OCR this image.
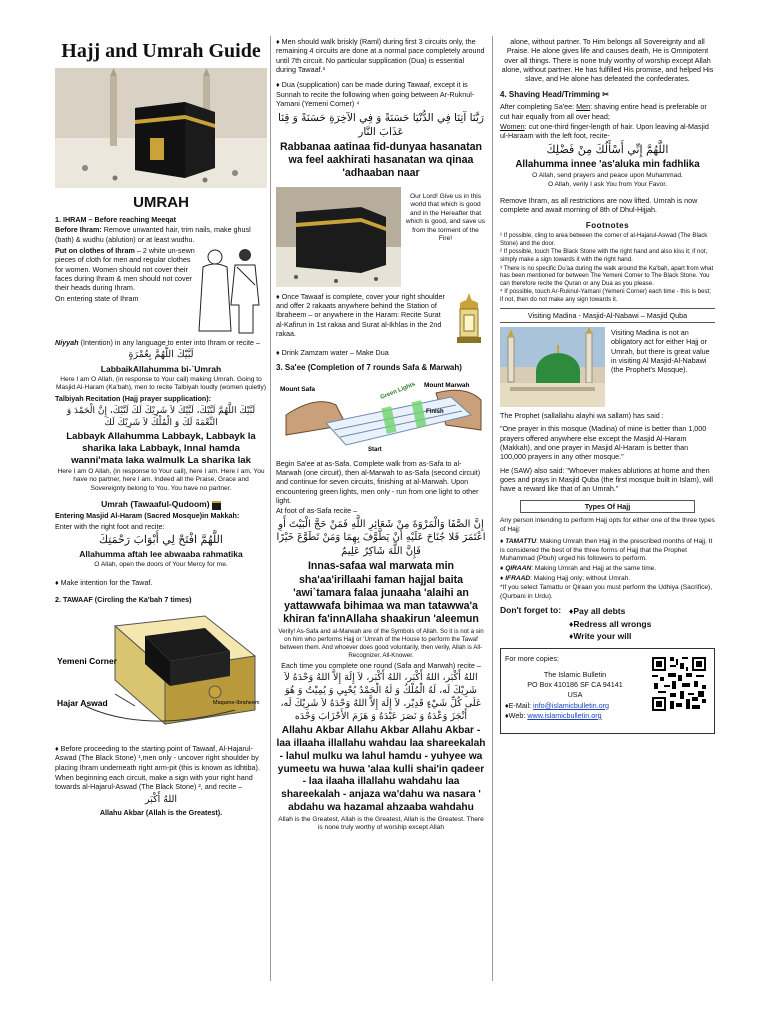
Hajj and Umrah Guide
UMRAH

1. IHRAM – Before reaching Meeqat

Before Ihram: Remove unwanted hair, trim nails, make ghusl (bath) & wudhu (ablution) or at least wudhu.

Put on clothes of Ihram – 2 white un-sewn pieces of cloth for men and regular clothes for women. Women should not cover their faces during Ihram & men should not cover their heads during Ihram.

On entering state of Ihram

Niyyah (Intention) in any language to enter into Ihram or recite –

لَبَّيْكَ اللَّهُمَّ بِعُمْرَةٍ
LabbaikAllahumma bi-`Umrah

Here I am O Allah, (in response to Your call) making Umrah. Going to Masjid Al-Haram (Ka'bah), men to recite Talbiyah loudly (women quietly)

Talbiyah Recitation (Hajj prayer supplication):

لَبَّيْكَ اللَّهُمَّ لَبَّيْكَ، لَبَّيْكَ لاَ شَرِيْكَ لَكَ لَبَّيْكَ، إِنَّ الْحَمْدَ وَ النِّعْمَةَ لَكَ وَ الْمُلْكَ لاَ شَرِيْكَ لَكَ
Labbayk Allahumma Labbayk, Labbayk la sharika laka Labbayk, Innal hamda wanni'mata laka walmulk La sharika lak

Here I am O Allah, (in response to Your call), here I am. Here I am, You have no partner, here I am. Indeed all the Praise, Grace and Sovereignty belong to You. You have no partner.

Umrah (Tawaaful-Qudoom)

Entering Masjid Al-Haram (Sacred Mosque)in Makkah:

Enter with the right foot and recite:

اللَّهُمَّ افْتَحْ لِي أَبْوَابَ رَحْمَتِكَ
Allahumma aftah lee abwaaba rahmatika

O Allah, open the doors of Your Mercy for me.

♦ Make intention for the Tawaf.

2. TAWAAF (Circling the Ka'bah 7 times)

Yemeni Corner
Hajar Aswad	Maqame-Ibraheem

♦ Before proceeding to the starting point of Tawaaf, Al-Hajarul-Aswad (The Black Stone) ¹,men only - uncover right shoulder by placing Ihram underneath right arm-pit (this is known as Idhtiba).

When beginning each circuit, make a sign with your right hand towards al-Hajarul-Aswad (The Black Stone) ², and recite –

اللهُ أَكْبَر

Allahu Akbar (Allah is the Greatest).

♦ Men should walk briskly (Raml) during first 3 circuits only, the remaining 4 circuits are done at a normal pace completely around until 7th circuit. No particular supplication (Dua) is essential during Tawaaf.³

♦ Dua (supplication) can be made during Tawaaf, except it is Sunnah to recite the following when going between Ar-Ruknul-Yamani (Yemeni Corner) ⁴

رَبَّنَا آتِنَا فِي الدُّنْيَا حَسَنَةً وَ فِي الآخِرَةِ حَسَنَةً وَ قِنَا عَذَابَ النَّار
Rabbanaa aatinaa fid-dunyaa hasanatan wa feel aakhirati hasanatan wa qinaa 'adhaaban naar

Our Lord! Give us in this world that which is good and in the Hereafter that which is good, and save us from the torment of the Fire!

♦ Once Tawaaf is complete, cover your right shoulder and offer 2 rakaats anywhere behind the Station of Ibraheem – or anywhere in the Haram: Recite Surat al-Kafirun in 1st rakaa and Surat al-Ikhlas in the 2nd rakaa.

♦ Drink Zamzam water – Make Dua

3. Sa'ee (Completion of 7 rounds Safa & Marwah)

Mount Safa
Mount Marwah
Green Lights
Finish
Start

Begin Sa'ee at as-Safa. Complete walk from as-Safa to al-Marwah (one circuit), then al-Marwah to as-Safa (second circuit) and continue for seven circuits, finishing at al-Marwah. Upon encountering green lights, men only - run from one light to other light.

At foot of as-Safa recite –

إِنَّ الصَّفَا وَالْمَرْوَةَ مِنْ شَعَائِرِ اللَّهِ فَمَنْ حَجَّ الْبَيْتَ أَوِ اعْتَمَرَ فَلا جُنَاحَ عَلَيْهِ أَنْ يَطَّوَّفَ بِهِمَا وَمَنْ تَطَوَّعَ خَيْرًا فَإِنَّ اللَّهَ شَاكِرٌ عَلِيمٌ
Innas-safaa wal marwata min sha'aa'irillaahi faman hajjal baita 'awi`tamara falaa junaaha 'alaihi an yattawwafa bihimaa wa man tatawwa'a khiran fa'innAllaha shaakirun 'aleemun

Verily! As-Safa and al-Marwah are of the Symbols of Allah. So it is not a sin on him who performs Hajj or 'Umrah of the House to perform the Tawaf between them. And whoever does good voluntarily, then verily, Allah is All-Recognizer, All-Knower.

Each time you complete one round (Safa and Marwah) recite –

اللهُ أَكْبَر، اللهُ أَكْبَر، اللهُ أَكْبَر، لاَ إِلَهَ إِلاَّ اللهُ وَحْدَهُ لاَ شَرِيْكَ لَه، لَهُ الْمُلْكُ وَ لَهُ الْحَمْدُ يُحْيِي وَ يُمِيْتُ وَ هُوَ عَلَى كُلِّ شَيْءٍ قَدِيْر، لاَ إِلَهَ إِلاَّ اللهُ وَحْدَهُ لاَ شَرِيْكَ لَه، أَنْجَزَ وَعْدَهُ وَ نَصَرَ عَبْدَهُ وَ هَزَمَ الأَحْزَابَ وَحْدَه
Allahu Akbar Allahu Akbar Allahu Akbar - laa illaaha illallahu wahdau laa shareekalah - lahul mulku wa lahul hamdu - yuhyee wa yumeetu wa huwa 'alaa kulli shai'in qadeer - laa ilaaha illallahu wahdahu laa shareekalah - anjaza wa'dahu wa nasara ' abdahu wa hazamal ahzaaba wahdahu

Allah is the Greatest, Allah is the Greatest, Allah is the Greatest. There is none truly worthy of worship except Allah

alone, without partner. To Him belongs all Sovereignty and all Praise. He alone gives life and causes death, He is Omnipotent over all things. There is none truly worthy of worship except Allah alone, without partner. He has fulfilled His promise, and helped His slave, and He alone has defeated the confederates.

4. Shaving Head/Trimming ✂

After completing Sa'ee: Men: shaving entire head is preferable or cut hair equally from all over head;

Women: cut one-third finger-length of hair. Upon leaving al-Masjid ul-Haraam with the left foot, recite-

اللَّهُمَّ إِنِّي أَسْأَلُكَ مِنْ فَضْلِكَ
Allahumma innee 'as'aluka min fadhlika

O Allah, send prayers and peace upon Muhammad.

O Allah, verily I ask You from Your Favor.

Remove Ihram, as all restrictions are now lifted. Umrah is now complete and await morning of 8th of Dhul-Hijjah.

Footnotes

¹ If possible, cling to area between the corner of al-Hajarul-Aswad (The Black Stone) and the door.

² If possible, touch The Black Stone with the right hand and also kiss it; if not, simply make a sign towards it with the right hand.

³ There is no specific Du'aa during the walk around the Ka'bah, apart from what has been mentioned for between The Yemeni Corner to The Black Stone. You can therefore recite the Quran or any Dua as you please.

⁴ If possible, touch Ar-Ruknul-Yamani (Yemeni Corner) each time - this is best; if not, then do not make any sign towards it.

Visiting Madina - Masjid-Al-Nabawi – Masjid Quba

Visiting Madina is not an obligatory act for either Hajj or Umrah, but there is great value in visiting Al Masjid-Al-Nabawi (the Prophet's Mosque).

The Prophet (sallallahu alayhi wa sallam) has said :

"One prayer in this mosque (Madina) of mine is better than 1,000 prayers offered anywhere else except the Masjid Al-Haram (Makkah), and one prayer in Masjid Al-Haram is better than 100,000 prayers in any other mosque."

He (SAW) also said: "Whoever makes ablutions at home and then goes and prays in Masjid Quba (the first mosque built in Islam), will have a reward like that of an Umrah."

Types Of Hajj

Any person intending to perform Hajj opts for either one of the three types of Hajj:

♦ TAMATTU: Making Umrah then Hajj in the prescribed months of Hajj. It is considered the best of the three forms of Hajj that the Prophet Muhammad (Pbuh) urged his followers to perform.

♦ QIRAAN: Making Umrah and Hajj at the same time.

♦ IFRAAD: Making Hajj only; without Umrah.

*If you select Tamattu or Qiraan you must perform the Udhiya (Sacrifice), (Qurbani in Urdu).

Don't forget to: ♦Pay all debts
♦Redress all wrongs
♦Write your will

For more copies:

The Islamic Bulletin

PO Box 410186 SF CA 94141

USA

♦E-Mail: info@islamicbulletin.org

♦Web: www.islamicbulletin.org
